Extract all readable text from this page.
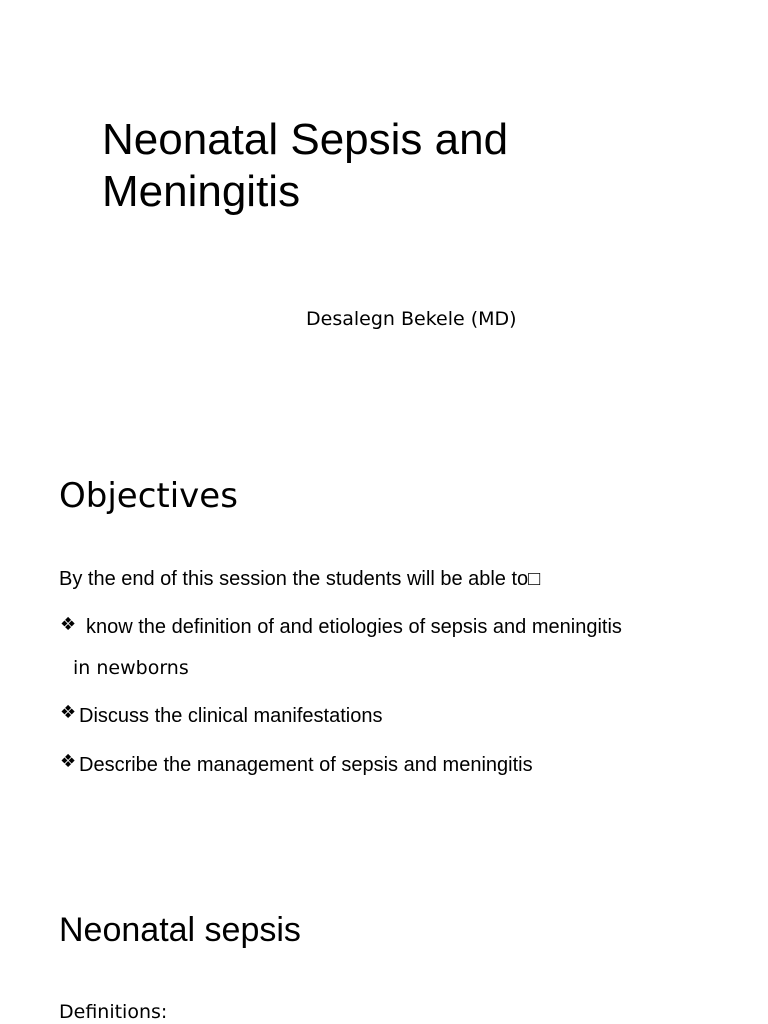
Neonatal Sepsis and
Meningitis
Desalegn Bekele (MD)
Objectives
By the end of this session the students will be able to□
❖ know the definition of and etiologies of sepsis and meningitis
in newborns
❖ Discuss the clinical manifestations
❖ Describe the management of sepsis and meningitis
Neonatal sepsis
Definitions:
